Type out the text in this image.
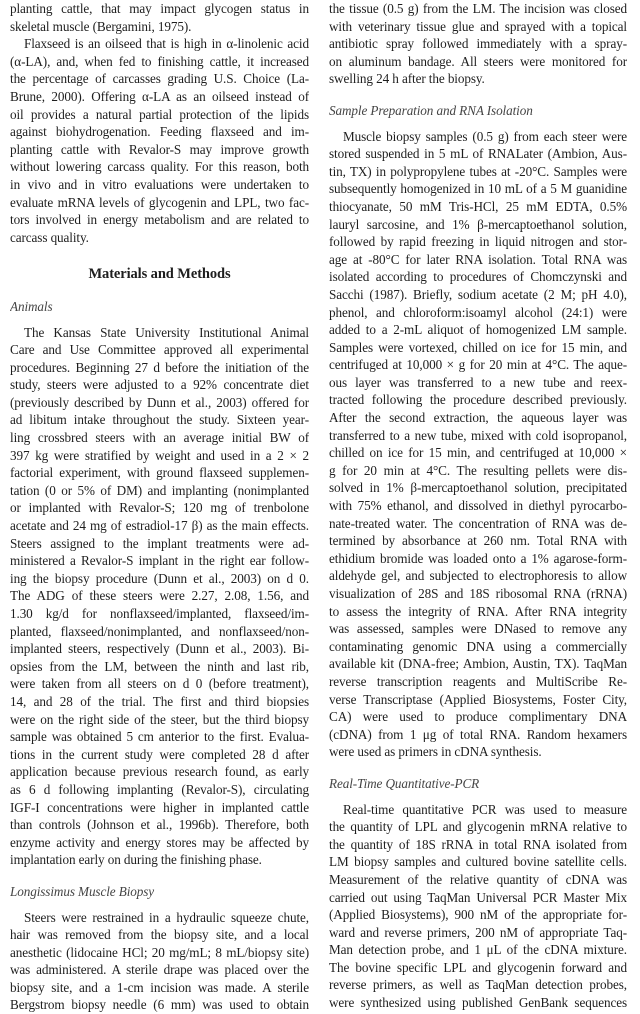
planting cattle, that may impact glycogen status in
skeletal muscle (Bergamini, 1975).
Flaxseed is an oilseed that is high in α-linolenic acid
(α-LA), and, when fed to finishing cattle, it increased
the percentage of carcasses grading U.S. Choice (La-
Brune, 2000). Offering α-LA as an oilseed instead of
oil provides a natural partial protection of the lipids
against biohydrogenation. Feeding flaxseed and im-
planting cattle with Revalor-S may improve growth
without lowering carcass quality. For this reason, both
in vivo and in vitro evaluations were undertaken to
evaluate mRNA levels of glycogenin and LPL, two fac-
tors involved in energy metabolism and are related to
carcass quality.
Materials and Methods
Animals
The Kansas State University Institutional Animal
Care and Use Committee approved all experimental
procedures. Beginning 27 d before the initiation of the
study, steers were adjusted to a 92% concentrate diet
(previously described by Dunn et al., 2003) offered for
ad libitum intake throughout the study. Sixteen year-
ling crossbred steers with an average initial BW of
397 kg were stratified by weight and used in a 2 × 2
factorial experiment, with ground flaxseed supplemen-
tation (0 or 5% of DM) and implanting (nonimplanted
or implanted with Revalor-S; 120 mg of trenbolone
acetate and 24 mg of estradiol-17 β) as the main effects.
Steers assigned to the implant treatments were ad-
ministered a Revalor-S implant in the right ear follow-
ing the biopsy procedure (Dunn et al., 2003) on d 0.
The ADG of these steers were 2.27, 2.08, 1.56, and
1.30 kg/d for nonflaxseed/implanted, flaxseed/im-
planted, flaxseed/nonimplanted, and nonflaxseed/non-
implanted steers, respectively (Dunn et al., 2003). Bi-
opsies from the LM, between the ninth and last rib,
were taken from all steers on d 0 (before treatment),
14, and 28 of the trial. The first and third biopsies
were on the right side of the steer, but the third biopsy
sample was obtained 5 cm anterior to the first. Evalua-
tions in the current study were completed 28 d after
application because previous research found, as early
as 6 d following implanting (Revalor-S), circulating
IGF-I concentrations were higher in implanted cattle
than controls (Johnson et al., 1996b). Therefore, both
enzyme activity and energy stores may be affected by
implantation early on during the finishing phase.
Longissimus Muscle Biopsy
Steers were restrained in a hydraulic squeeze chute,
hair was removed from the biopsy site, and a local
anesthetic (lidocaine HCl; 20 mg/mL; 8 mL/biopsy site)
was administered. A sterile drape was placed over the
biopsy site, and a 1-cm incision was made. A sterile
Bergstrom biopsy needle (6 mm) was used to obtain
the tissue (0.5 g) from the LM. The incision was closed
with veterinary tissue glue and sprayed with a topical
antibiotic spray followed immediately with a spray-
on aluminum bandage. All steers were monitored for
swelling 24 h after the biopsy.
Sample Preparation and RNA Isolation
Muscle biopsy samples (0.5 g) from each steer were
stored suspended in 5 mL of RNALater (Ambion, Aus-
tin, TX) in polypropylene tubes at -20°C. Samples were
subsequently homogenized in 10 mL of a 5 M guanidine
thiocyanate, 50 mM Tris-HCl, 25 mM EDTA, 0.5%
lauryl sarcosine, and 1% β-mercaptoethanol solution,
followed by rapid freezing in liquid nitrogen and stor-
age at -80°C for later RNA isolation. Total RNA was
isolated according to procedures of Chomczynski and
Sacchi (1987). Briefly, sodium acetate (2 M; pH 4.0),
phenol, and chloroform:isoamyl alcohol (24:1) were
added to a 2-mL aliquot of homogenized LM sample.
Samples were vortexed, chilled on ice for 15 min, and
centrifuged at 10,000 × g for 20 min at 4°C. The aque-
ous layer was transferred to a new tube and reex-
tracted following the procedure described previously.
After the second extraction, the aqueous layer was
transferred to a new tube, mixed with cold isopropanol,
chilled on ice for 15 min, and centrifuged at 10,000 ×
g for 20 min at 4°C. The resulting pellets were dis-
solved in 1% β-mercaptoethanol solution, precipitated
with 75% ethanol, and dissolved in diethyl pyrocarbo-
nate-treated water. The concentration of RNA was de-
termined by absorbance at 260 nm. Total RNA with
ethidium bromide was loaded onto a 1% agarose-form-
aldehyde gel, and subjected to electrophoresis to allow
visualization of 28S and 18S ribosomal RNA (rRNA)
to assess the integrity of RNA. After RNA integrity
was assessed, samples were DNased to remove any
contaminating genomic DNA using a commercially
available kit (DNA-free; Ambion, Austin, TX). TaqMan
reverse transcription reagents and MultiScribe Re-
verse Transcriptase (Applied Biosystems, Foster City,
CA) were used to produce complimentary DNA
(cDNA) from 1 μg of total RNA. Random hexamers
were used as primers in cDNA synthesis.
Real-Time Quantitative-PCR
Real-time quantitative PCR was used to measure
the quantity of LPL and glycogenin mRNA relative to
the quantity of 18S rRNA in total RNA isolated from
LM biopsy samples and cultured bovine satellite cells.
Measurement of the relative quantity of cDNA was
carried out using TaqMan Universal PCR Master Mix
(Applied Biosystems), 900 nM of the appropriate for-
ward and reverse primers, 200 nM of appropriate Taq-
Man detection probe, and 1 μL of the cDNA mixture.
The bovine specific LPL and glycogenin forward and
reverse primers, as well as TaqMan detection probes,
were synthesized using published GenBank sequences
